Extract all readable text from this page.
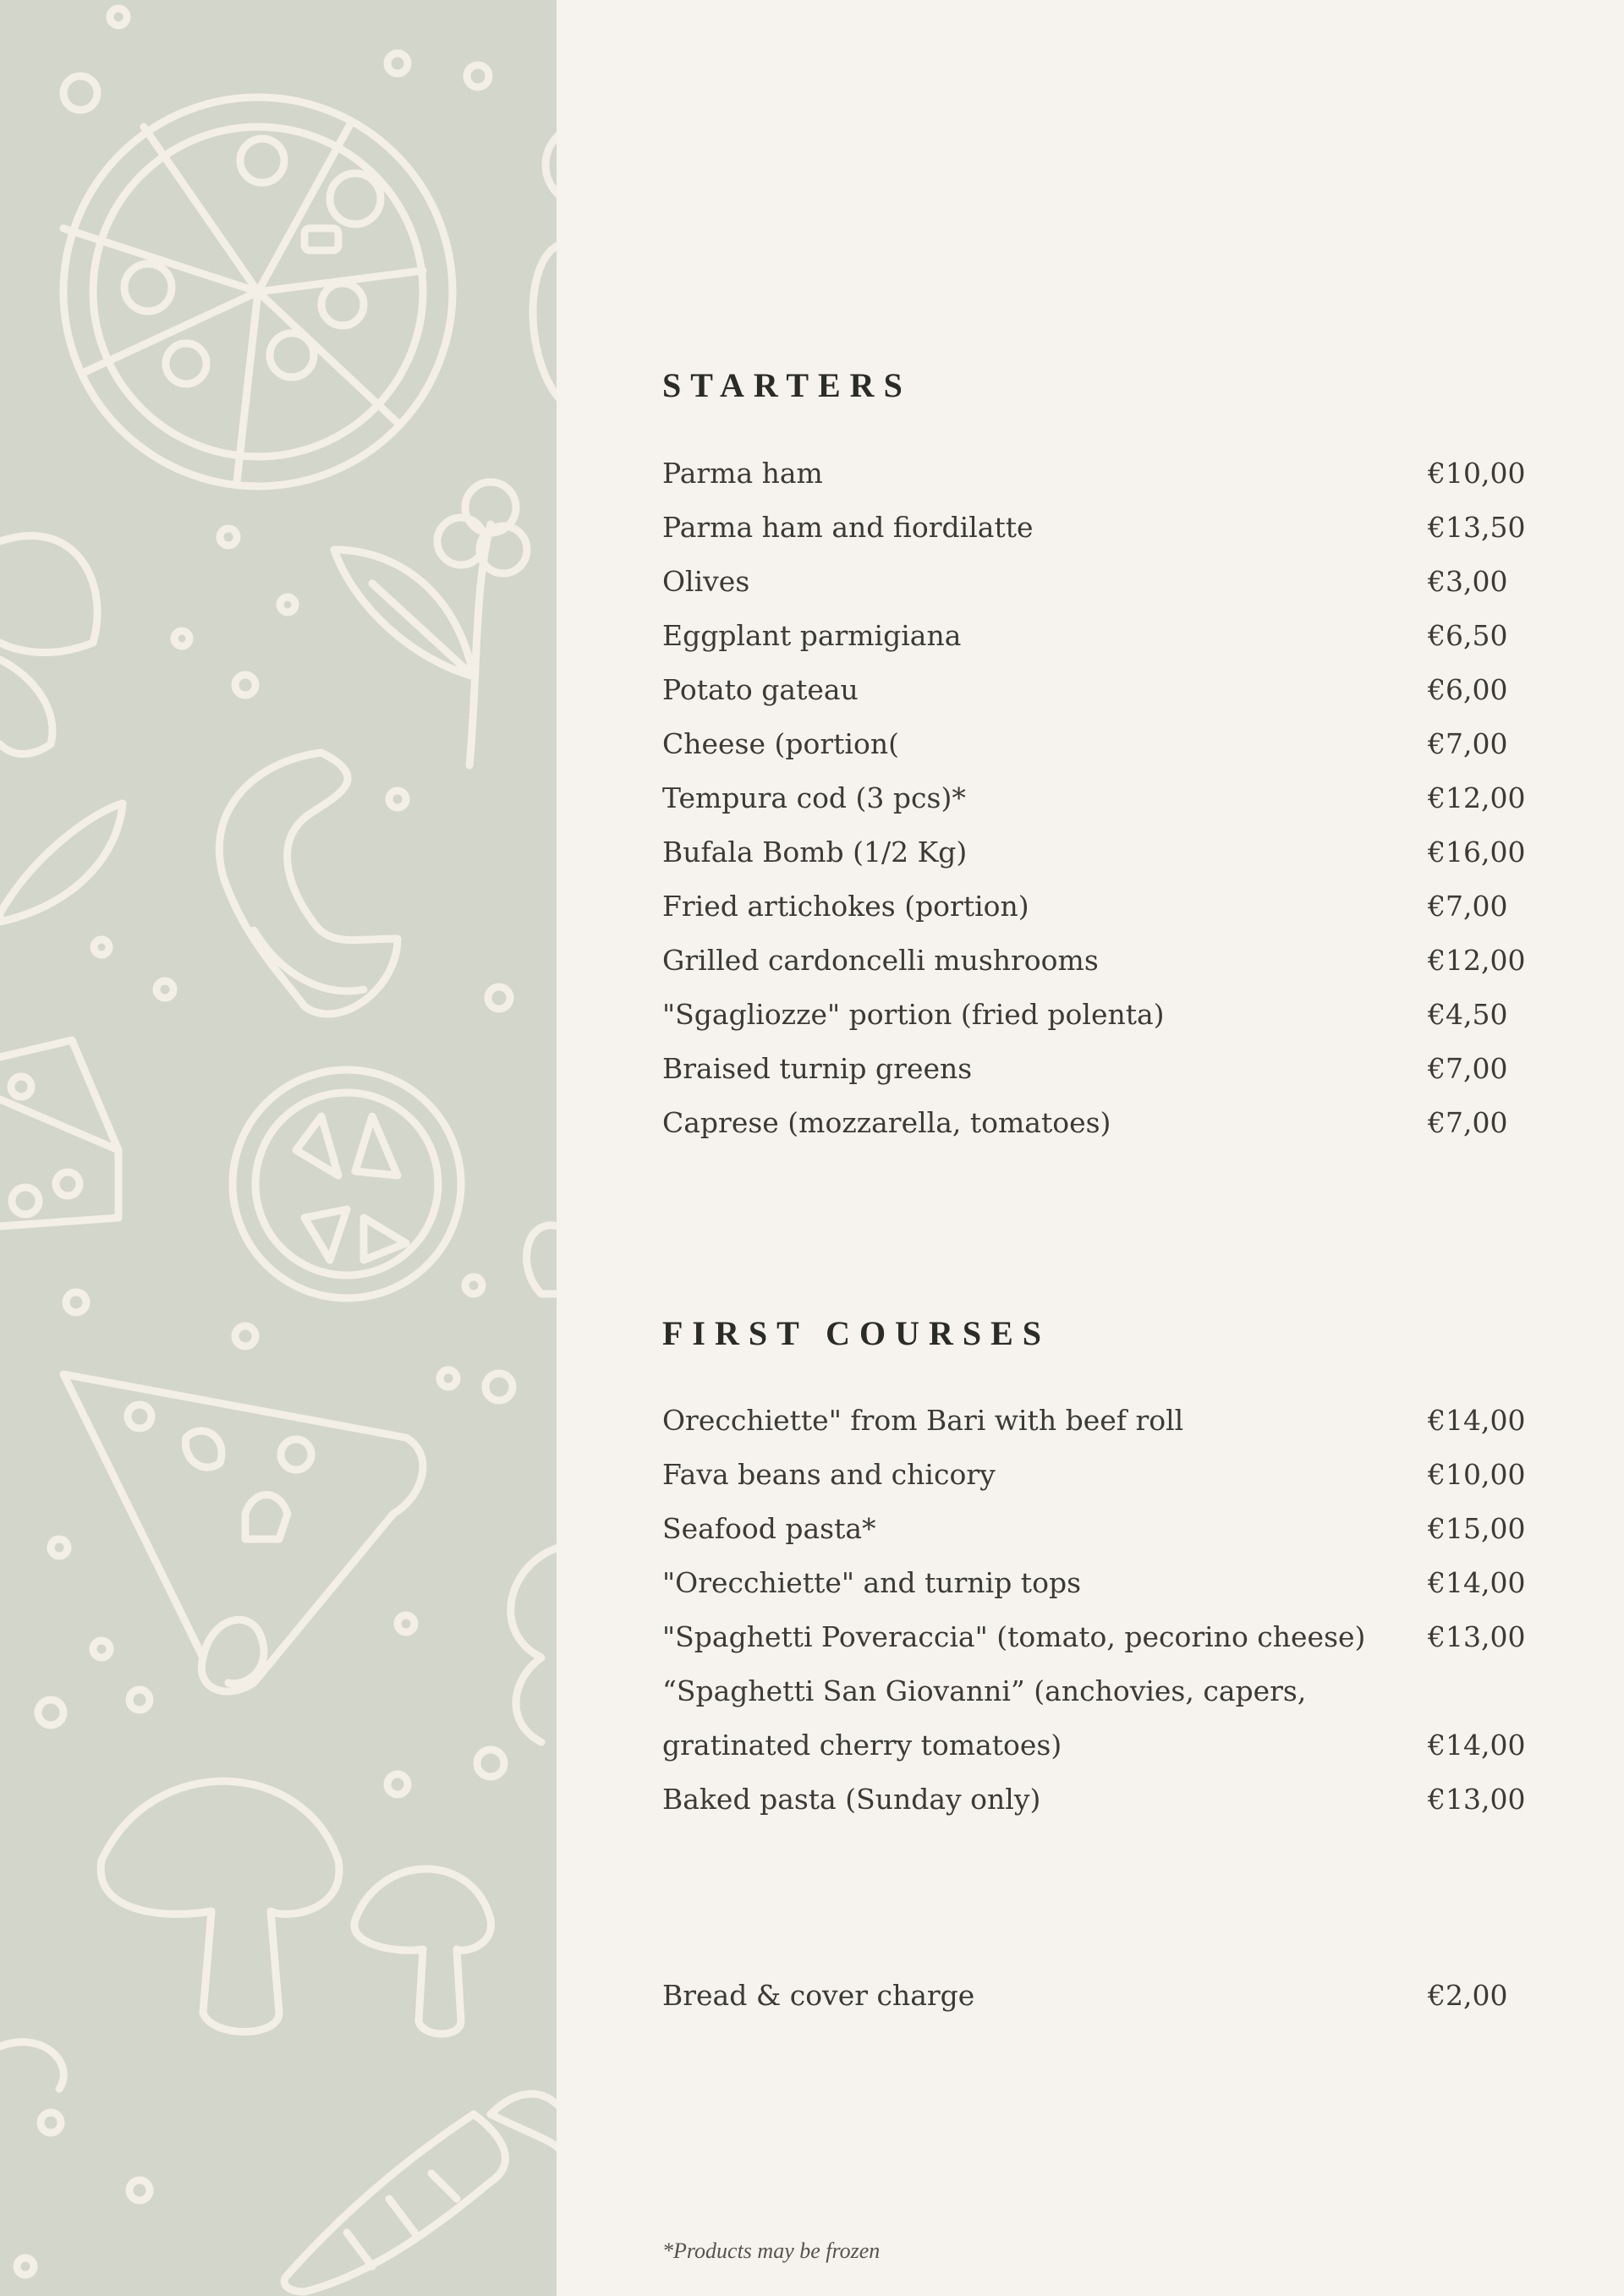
STARTERS
Parma ham	€10,00
Parma ham and fiordilatte	€13,50
Olives	€3,00
Eggplant parmigiana	€6,50
Potato gateau	€6,00
Cheese (portion(	€7,00
Tempura cod (3 pcs)*	€12,00
Bufala Bomb (1/2 Kg)	€16,00
Fried artichokes (portion)	€7,00
Grilled cardoncelli mushrooms	€12,00
"Sgagliozze" portion (fried polenta)	€4,50
Braised turnip greens	€7,00
Caprese (mozzarella, tomatoes)	€7,00
FIRST COURSES
Orecchiette" from Bari with beef roll	€14,00
Fava beans and chicory	€10,00
Seafood pasta*	€15,00
"Orecchiette" and turnip tops	€14,00
"Spaghetti Poveraccia" (tomato, pecorino cheese)	€13,00
“Spaghetti San Giovanni” (anchovies, capers,
gratinated cherry tomatoes)	€14,00
Baked pasta (Sunday only)	€13,00
Bread & cover charge	€2,00
*Products may be frozen
